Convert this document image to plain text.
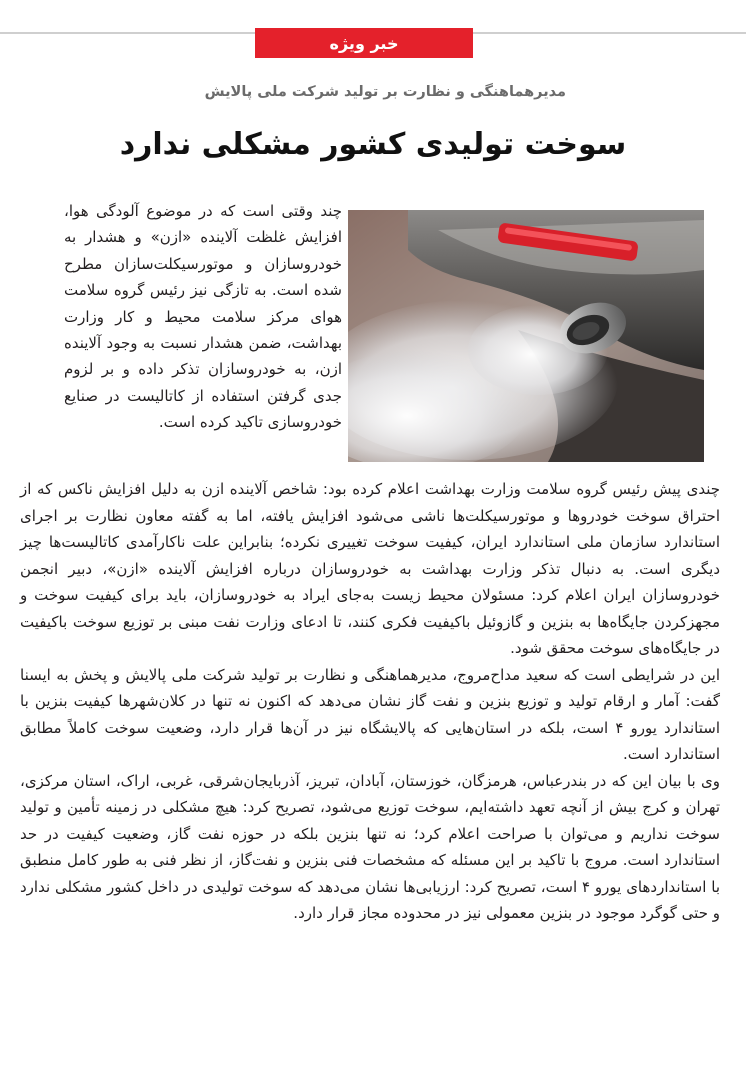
خبر ویژه
مدیرهماهنگی و نظارت بر تولید شرکت ملی پالایش
سوخت تولیدی کشور مشکلی ندارد

چند وقتی است که در موضوع آلودگی هوا، افزایش غلظت آلاینده «ازن» و هشدار به خودروسازان و موتورسیکلت‌سازان مطرح شده است. به تازگی نیز رئیس گروه سلامت هوای مرکز سلامت محیط و کار وزارت بهداشت، ضمن هشدار نسبت به وجود آلاینده ازن، به خودروسازان تذکر داده و بر لزوم جدی گرفتن استفاده از کاتالیست در صنایع خودروسازی تاکید کرده است.

چندی پیش رئیس گروه سلامت وزارت بهداشت اعلام کرده بود: شاخص آلاینده ازن به دلیل افزایش ناکس که از احتراق سوخت خودروها و موتورسیکلت‌ها ناشی می‌شود افزایش یافته، اما به گفته معاون نظارت بر اجرای استاندارد سازمان ملی استاندارد ایران، کیفیت سوخت تغییری نکرده؛ بنابراین علت ناکارآمدی کاتالیست‌ها چیز دیگری است. به دنبال تذکر وزارت بهداشت به خودروسازان درباره افزایش آلاینده «ازن»، دبیر انجمن خودروسازان ایران اعلام کرد: مسئولان محیط زیست به‌جای ایراد به خودروسازان، باید برای کیفیت سوخت و مجهزکردن جایگاه‌ها به بنزین و گازوئیل باکیفیت فکری کنند، تا ادعای وزارت نفت مبنی بر توزیع سوخت باکیفیت در جایگاه‌های سوخت محقق شود.

این در شرایطی است که سعید مداح‌مروج، مدیرهماهنگی و نظارت بر تولید شرکت ملی پالایش و پخش به ایسنا گفت: آمار و ارقام تولید و توزیع بنزین و نفت گاز نشان می‌دهد که اکنون نه تنها در کلان‌شهرها کیفیت بنزین با استاندارد یورو ۴ است، بلکه در استان‌هایی که پالایشگاه نیز در آن‌ها قرار دارد، وضعیت سوخت کاملاً مطابق استاندارد است.

وی با بیان این که در بندرعباس، هرمزگان، خوزستان، آبادان، تبریز، آذربایجان‌شرقی، غربی، اراک، استان مرکزی، تهران و کرج بیش از آنچه تعهد داشته‌ایم، سوخت توزیع می‌شود، تصریح کرد: هیچ مشکلی در زمینه تأمین و تولید سوخت نداریم و می‌توان با صراحت اعلام کرد؛ نه تنها بنزین بلکه در حوزه نفت گاز، وضعیت کیفیت در حد استاندارد است. مروج با تاکید بر این مسئله که مشخصات فنی بنزین و نفت‌گاز، از نظر فنی به طور کامل منطبق با استانداردهای یورو ۴ است، تصریح کرد: ارزیابی‌ها نشان می‌دهد که سوخت تولیدی در داخل کشور مشکلی ندارد و حتی گوگرد موجود در بنزین معمولی نیز در محدوده مجاز قرار دارد.
